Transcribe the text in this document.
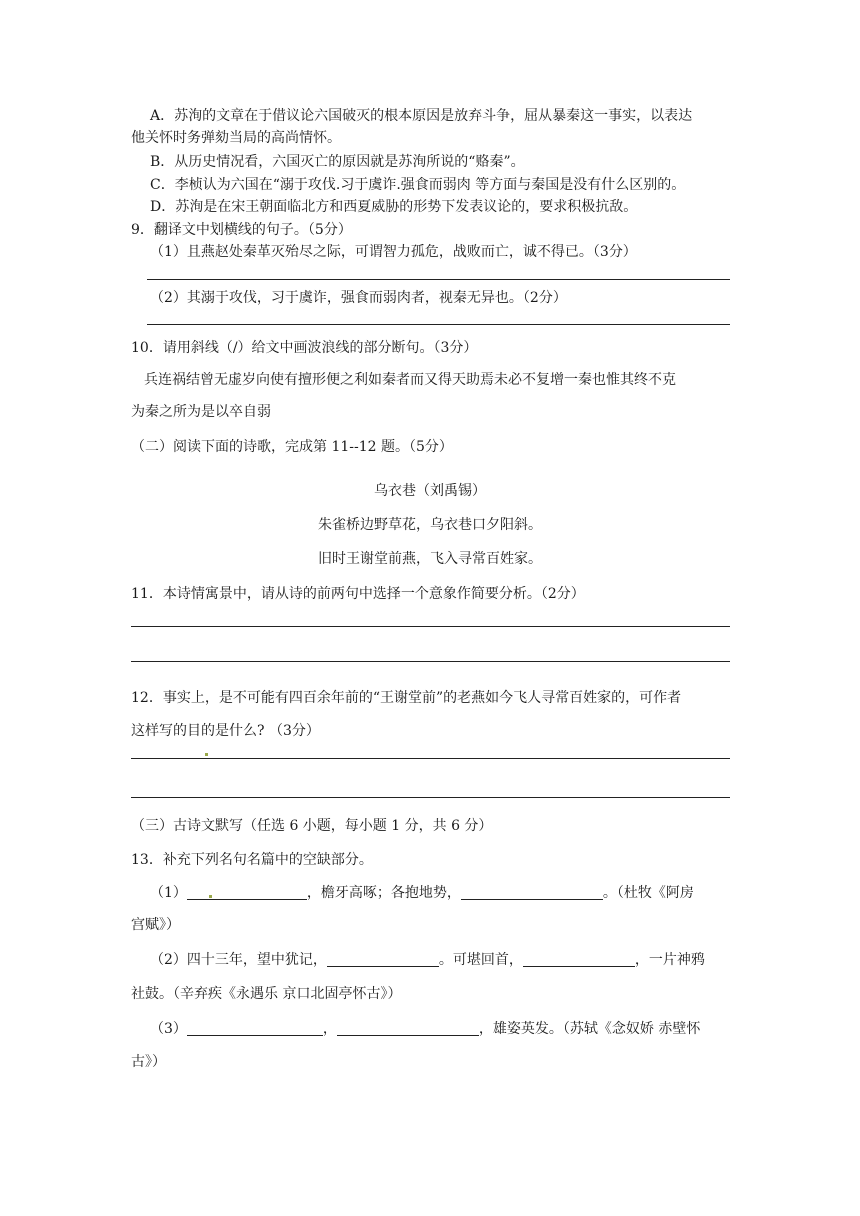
A．苏洵的文章在于借议论六国破灭的根本原因是放弃斗争，屈从暴秦这一事实，以表达
他关怀时务弹劾当局的高尚情怀。
B．从历史情况看，六国灭亡的原因就是苏洵所说的“赂秦”。
C．李桢认为六国在“溺于攻伐.习于虞诈.强食而弱肉 等方面与秦国是没有什么区别的。
D．苏洵是在宋王朝面临北方和西夏威胁的形势下发表议论的，要求积极抗敌。
9．翻译文中划横线的句子。（5分）
（1）且燕赵处秦革灭殆尽之际，可谓智力孤危，战败而亡，诚不得已。（3分）
（2）其溺于攻伐，习于虞诈，强食而弱肉者，视秦无异也。（2分）
10．请用斜线（/）给文中画波浪线的部分断句。（3分）
兵连祸结曾无虚岁向使有擅形便之利如秦者而又得天助焉未必不复增一秦也惟其终不克
为秦之所为是以卒自弱
（二）阅读下面的诗歌，完成第 11--12 题。（5分）
乌衣巷（刘禹锡）
朱雀桥边野草花，乌衣巷口夕阳斜。
旧时王谢堂前燕，飞入寻常百姓家。
11．本诗情寓景中，请从诗的前两句中选择一个意象作简要分析。（2分）
12．事实上，是不可能有四百余年前的“王谢堂前”的老燕如今飞人寻常百姓家的，可作者
这样写的目的是什么? （3分）
（三）古诗文默写（任选 6 小题，每小题 1 分，共 6 分）
13．补充下列名句名篇中的空缺部分。
（1）	，檐牙高啄；各抱地势，	。（杜牧《阿房
宫赋》）
（2）四十三年，望中犹记，	。可堪回首，	，一片神鸦
社鼓。（辛弃疾《永遇乐 京口北固亭怀古》）
（3）	，	，雄姿英发。（苏轼《念奴娇 赤壁怀
古》）
